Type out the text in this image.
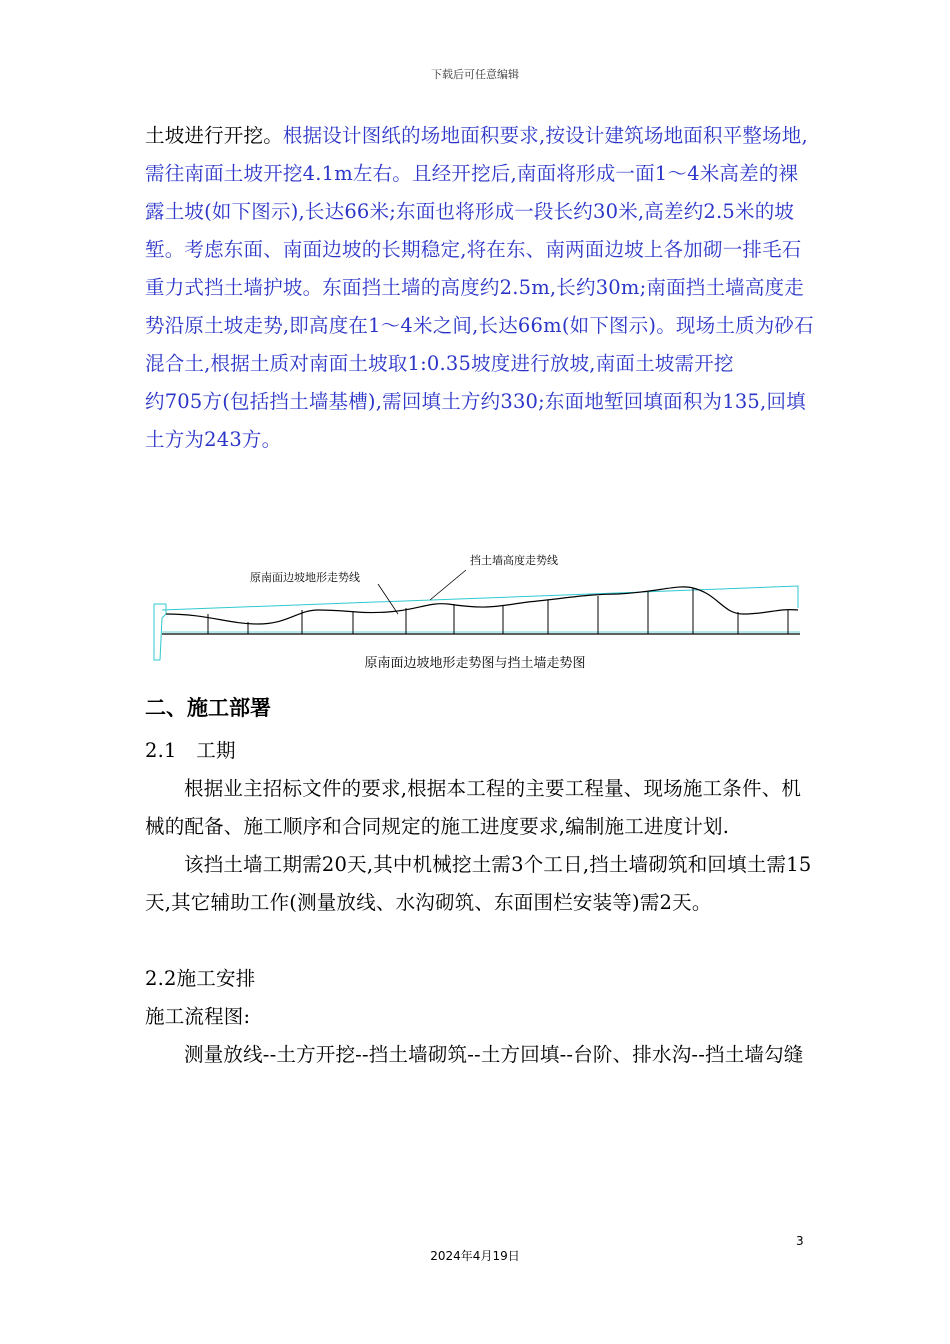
下载后可任意编辑
土坡进行开挖。根据设计图纸的场地面积要求,按设计建筑场地面积平整场地,需往南面土坡开挖4.1m左右。且经开挖后,南面将形成一面1～4米高差的裸露土坡(如下图示),长达66米;东面也将形成一段长约30米,高差约2.5米的坡堑。考虑东面、南面边坡的长期稳定,将在东、南两面边坡上各加砌一排毛石重力式挡土墙护坡。东面挡土墙的高度约2.5m,长约30m;南面挡土墙高度走势沿原土坡走势,即高度在1～4米之间,长达66m(如下图示)。现场土质为砂石混合土,根据土质对南面土坡取1:0.35坡度进行放坡,南面土坡需开挖
约705方(包括挡土墙基槽),需回填土方约330;东面地堑回填面积为135,回填土方为243方。
挡土墙高度走势线
原南面边坡地形走势线
原南面边坡地形走势图与挡土墙走势图
二、施工部署
2.1　工期
根据业主招标文件的要求,根据本工程的主要工程量、现场施工条件、机械的配备、施工顺序和合同规定的施工进度要求,编制施工进度计划.
该挡土墙工期需20天,其中机械挖土需3个工日,挡土墙砌筑和回填土需15天,其它辅助工作(测量放线、水沟砌筑、东面围栏安装等)需2天。
2.2施工安排
施工流程图:
测量放线--土方开挖--挡土墙砌筑--土方回填--台阶、排水沟--挡土墙勾缝
3
2024年4月19日
